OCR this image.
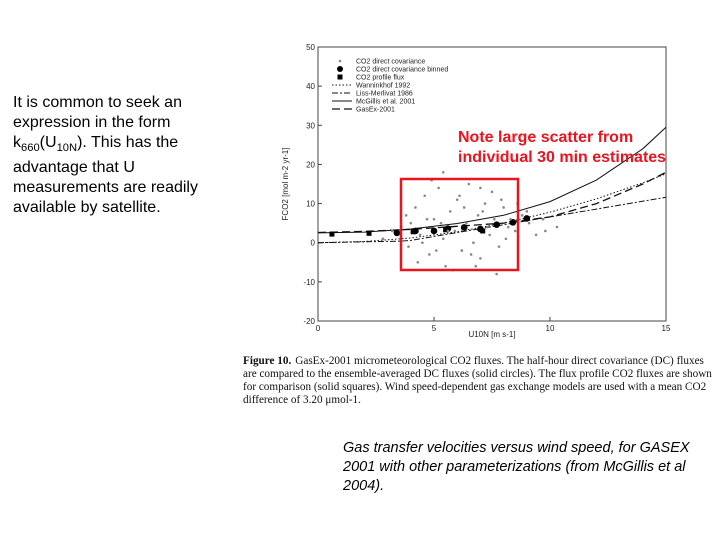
0	5	10	15
-20
-10
0
10
20
30
40
50
U10N [m s-1]
FCO2 [mol m-2 yr-1]
CO2 direct covariance
CO2 direct covariance binned
CO2 profile flux
Wanninkhof 1992
Liss-Merlivat 1986
McGillis et al. 2001
GasEx-2001
It is common to seek an expression in the form $k_{660}(U_{10N})$. This has the advantage that U measurements are readily available by satellite.
Note large scatter from individual 30 min estimates
Figure 10. GasEx-2001 micrometeorological CO2 fluxes. The half-hour direct covariance (DC) fluxes are compared to the ensemble-averaged DC fluxes (solid circles). The flux profile CO2 fluxes are shown for comparison (solid squares). Wind speed-dependent gas exchange models are used with a mean CO2 difference of 3.20 μmol-1.
Gas transfer velocities versus wind speed, for GASEX 2001 with other parameterizations (from McGillis et al 2004).
